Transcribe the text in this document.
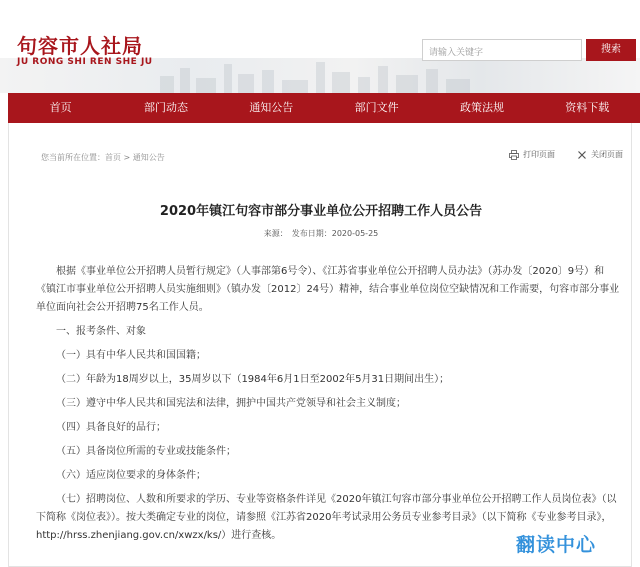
句容市人社局
JU RONG SHI REN SHE JU
请输入关键字	搜索
首页	部门动态	通知公告	部门文件	政策法规	资料下载
您当前所在位置：首页 > 通知公告	打印页面	关闭页面
2020年镇江句容市部分事业单位公开招聘工作人员公告
来源： 发布日期：2020-05-25

根据《事业单位公开招聘人员暂行规定》（人事部第6号令）、《江苏省事业单位公开招聘人员办法》（苏办发〔2020〕9号）和《镇江市事业单位公开招聘人员实施细则》（镇办发〔2012〕24号）精神，结合事业单位岗位空缺情况和工作需要，句容市部分事业单位面向社会公开招聘75名工作人员。

一、报考条件、对象

（一）具有中华人民共和国国籍；

（二）年龄为18周岁以上，35周岁以下（1984年6月1日至2002年5月31日期间出生）；

（三）遵守中华人民共和国宪法和法律，拥护中国共产党领导和社会主义制度；

（四）具备良好的品行；

（五）具备岗位所需的专业或技能条件；

（六）适应岗位要求的身体条件；

（七）招聘岗位、人数和所要求的学历、专业等资格条件详见《2020年镇江句容市部分事业单位公开招聘工作人员岗位表》（以下简称《岗位表》）。按大类确定专业的岗位，请参照《江苏省2020年考试录用公务员专业参考目录》（以下简称《专业参考目录》，http://hrss.zhenjiang.gov.cn/xwzx/ks/）进行查核。	翻读中心
